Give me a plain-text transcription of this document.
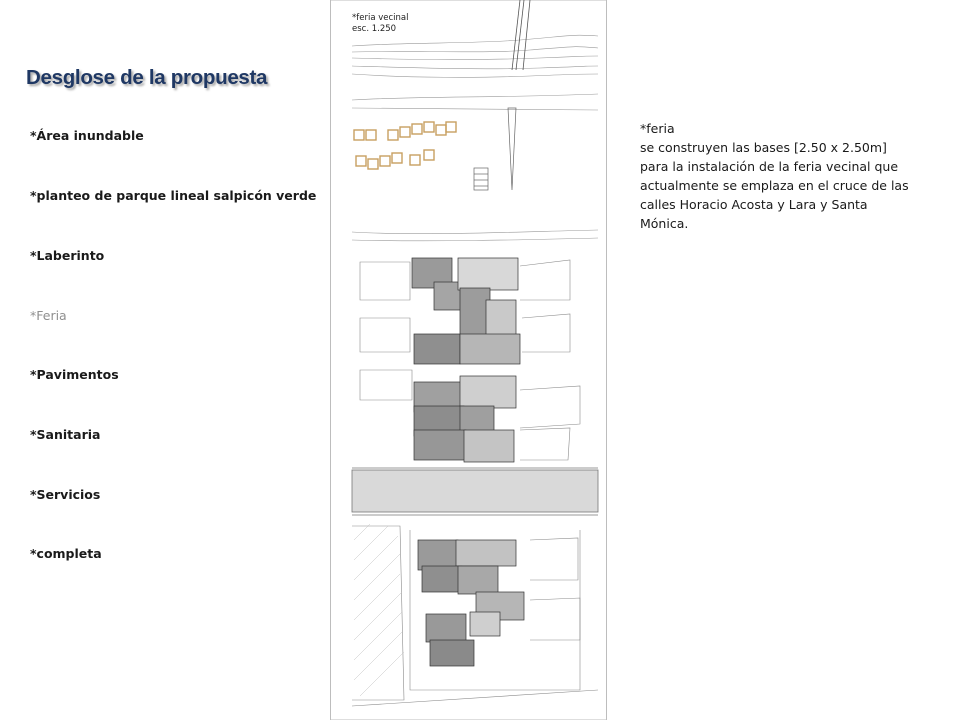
Desglose de la propuesta
*Área inundable
*planteo de parque lineal salpicón verde
*Laberinto
*Feria
*Pavimentos
*Sanitaria
*Servicios
*completa
*feria vecinal
esc. 1.250
*feria
se construyen las bases [2.50 x 2.50m]
para la instalación de la feria vecinal que
actualmente se emplaza en el cruce de las
calles Horacio Acosta y Lara y Santa
Mónica.
